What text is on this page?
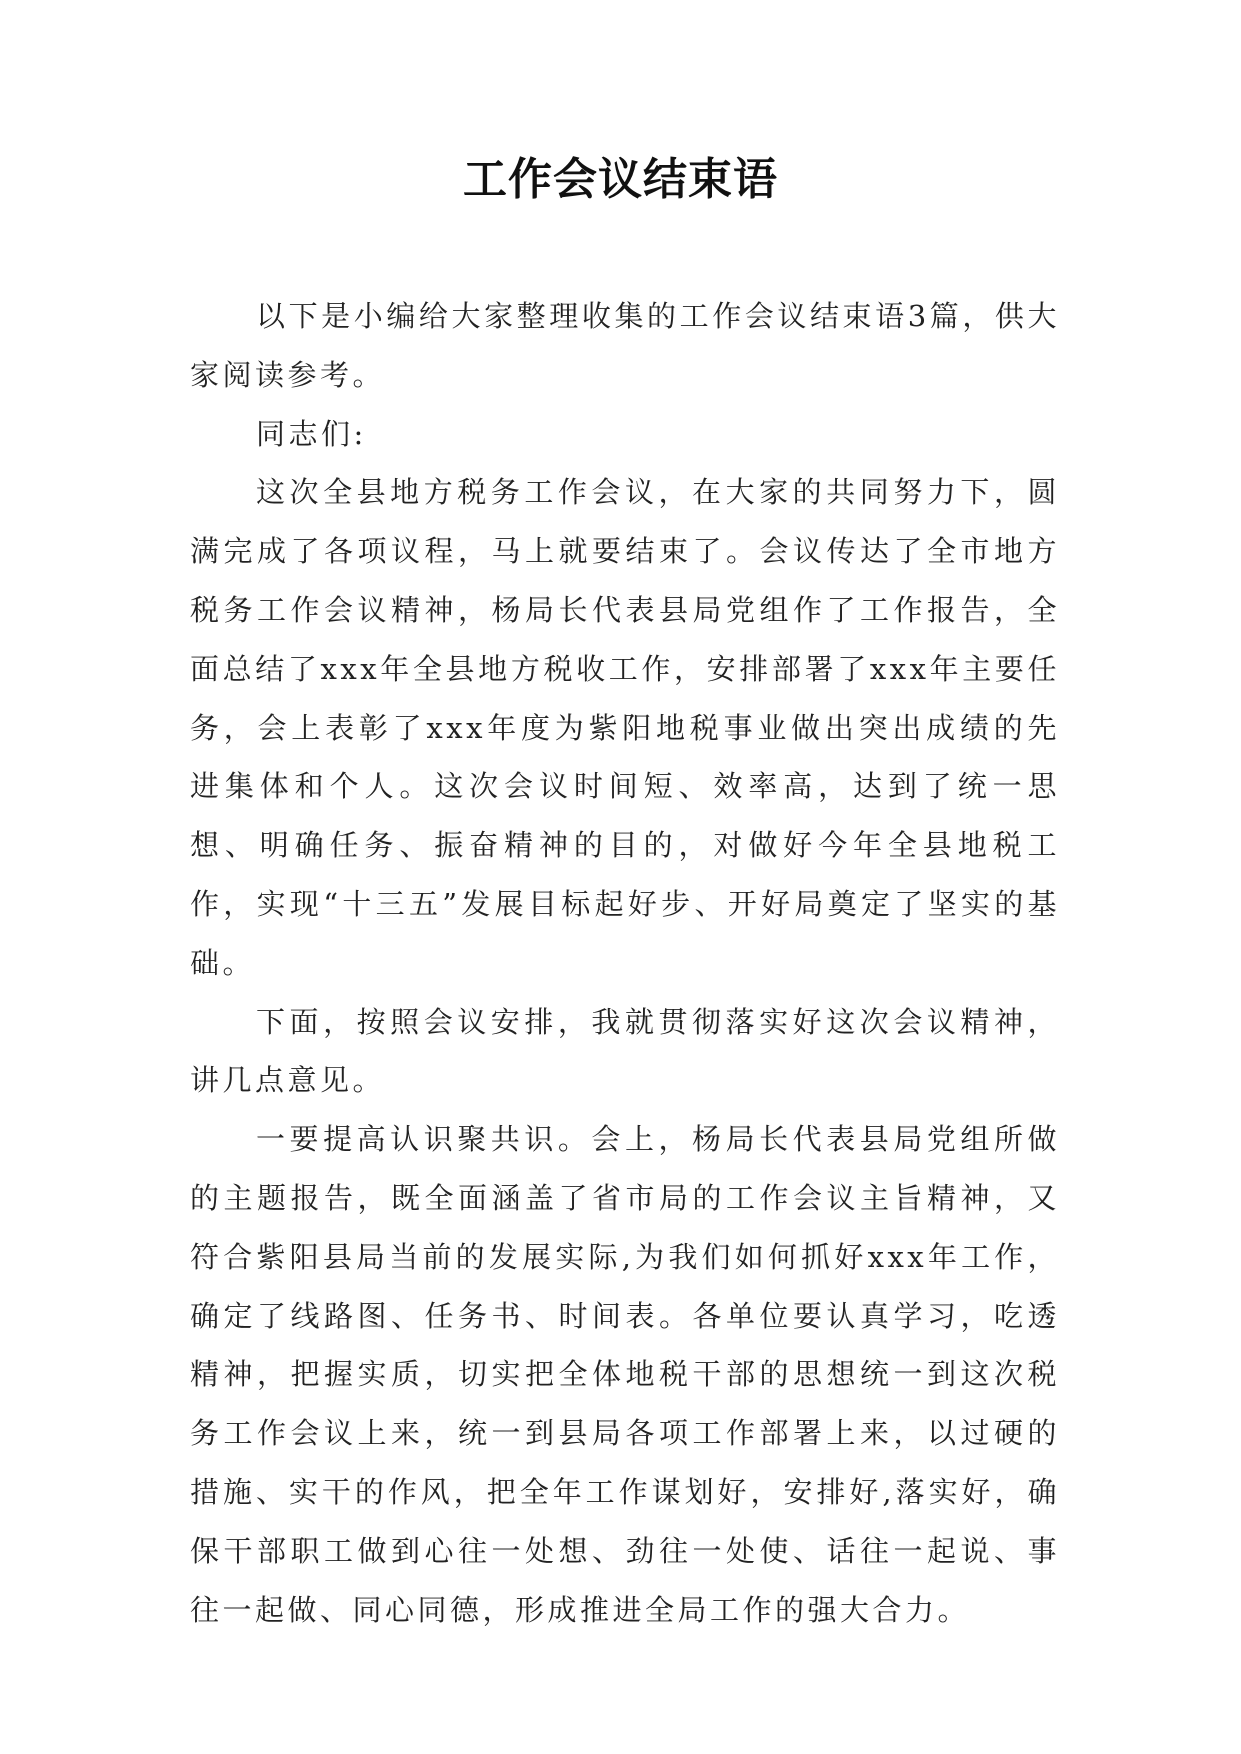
工作会议结束语

以下是小编给大家整理收集的工作会议结束语3篇，供大家阅读参考。

同志们:

这次全县地方税务工作会议，在大家的共同努力下，圆满完成了各项议程，马上就要结束了。会议传达了全市地方税务工作会议精神，杨局长代表县局党组作了工作报告，全面总结了xxx年全县地方税收工作，安排部署了xxx年主要任务，会上表彰了xxx年度为紫阳地税事业做出突出成绩的先进集体和个人。这次会议时间短、效率高，达到了统一思想、明确任务、振奋精神的目的，对做好今年全县地税工作，实现“十三五”发展目标起好步、开好局奠定了坚实的基础。

下面，按照会议安排，我就贯彻落实好这次会议精神，讲几点意见。

一要提高认识聚共识。会上，杨局长代表县局党组所做的主题报告，既全面涵盖了省市局的工作会议主旨精神，又符合紫阳县局当前的发展实际,为我们如何抓好xxx年工作，确定了线路图、任务书、时间表。各单位要认真学习，吃透精神，把握实质，切实把全体地税干部的思想统一到这次税务工作会议上来，统一到县局各项工作部署上来，以过硬的措施、实干的作风，把全年工作谋划好，安排好,落实好，确保干部职工做到心往一处想、劲往一处使、话往一起说、事往一起做、同心同德，形成推进全局工作的强大合力。
